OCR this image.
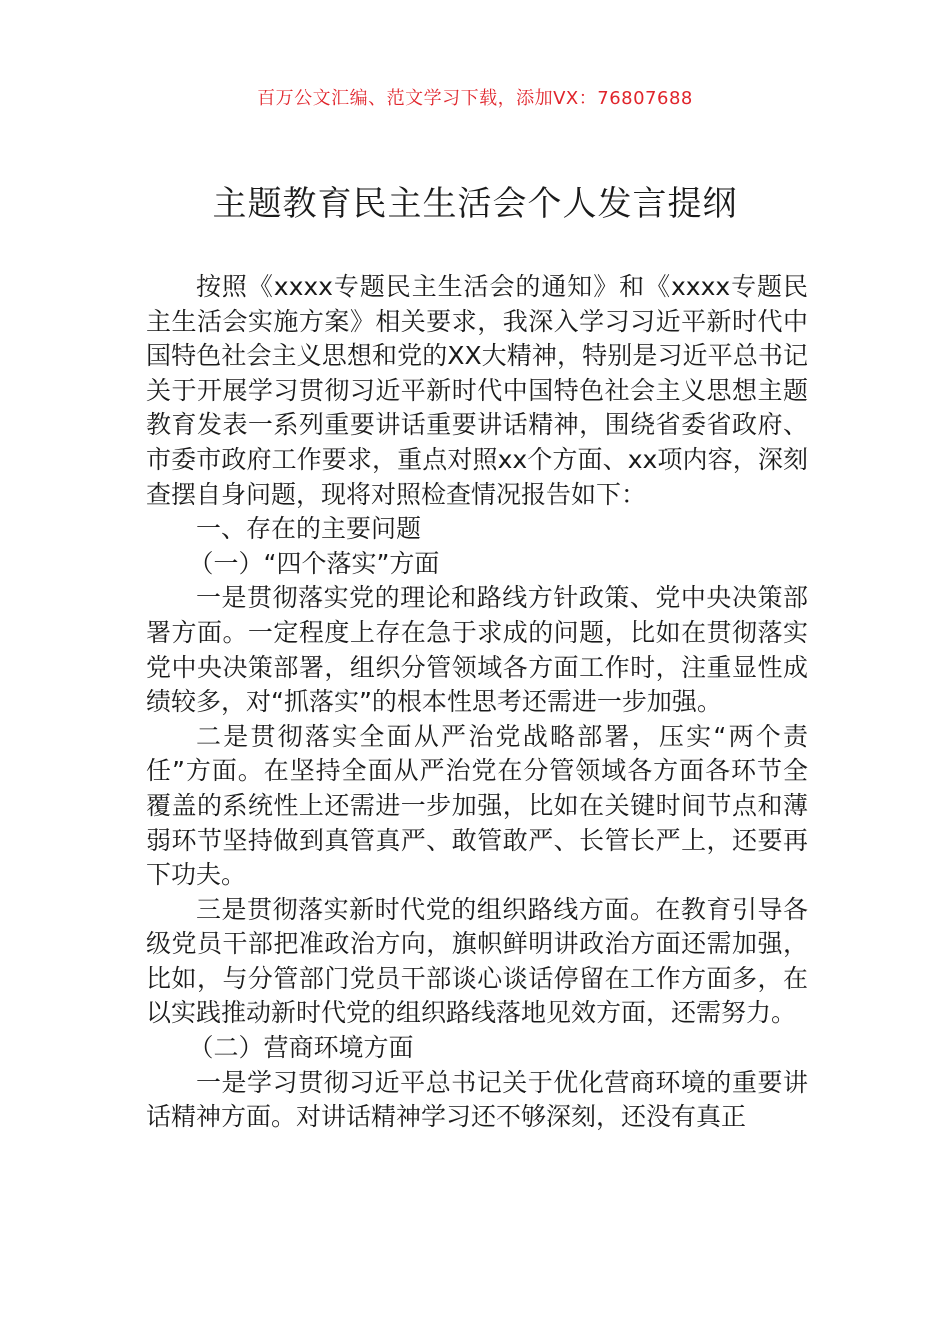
百万公文汇编、范文学习下载，添加VX：76807688
主题教育民主生活会个人发言提纲

按照《xxxx专题民主生活会的通知》和《xxxx专题民主生活会实施方案》相关要求，我深入学习习近平新时代中国特色社会主义思想和党的XX大精神，特别是习近平总书记关于开展学习贯彻习近平新时代中国特色社会主义思想主题教育发表一系列重要讲话重要讲话精神，围绕省委省政府、市委市政府工作要求，重点对照xx个方面、xx项内容，深刻查摆自身问题，现将对照检查情况报告如下：

一、存在的主要问题

（一）“四个落实”方面

一是贯彻落实党的理论和路线方针政策、党中央决策部署方面。一定程度上存在急于求成的问题，比如在贯彻落实党中央决策部署，组织分管领域各方面工作时，注重显性成绩较多，对“抓落实”的根本性思考还需进一步加强。

二是贯彻落实全面从严治党战略部署，压实“两个责任”方面。在坚持全面从严治党在分管领域各方面各环节全覆盖的系统性上还需进一步加强，比如在关键时间节点和薄弱环节坚持做到真管真严、敢管敢严、长管长严上，还要再下功夫。

三是贯彻落实新时代党的组织路线方面。在教育引导各级党员干部把准政治方向，旗帜鲜明讲政治方面还需加强，比如，与分管部门党员干部谈心谈话停留在工作方面多，在以实践推动新时代党的组织路线落地见效方面，还需努力。

（二）营商环境方面

一是学习贯彻习近平总书记关于优化营商环境的重要讲话精神方面。对讲话精神学习还不够深刻，还没有真正
